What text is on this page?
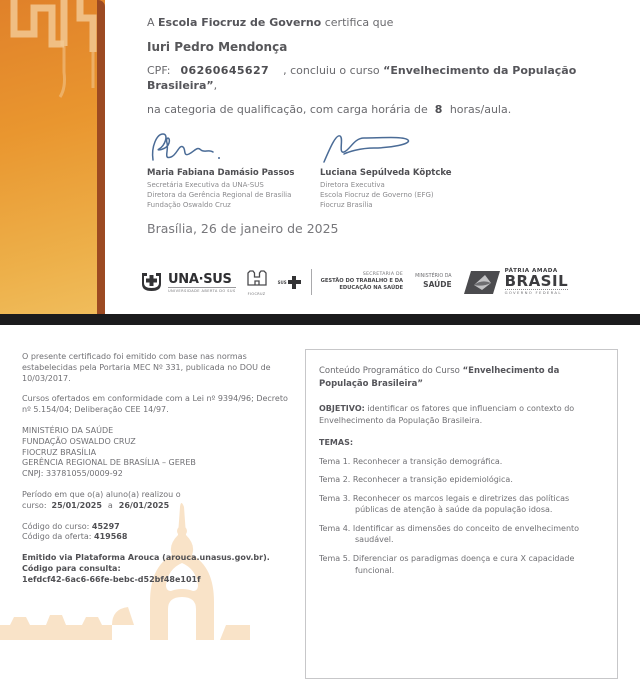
A Escola Fiocruz de Governo certifica que
Iuri Pedro Mendonça
CPF: 06260645627 , concluiu o curso “Envelhecimento da População Brasileira”,
na categoria de qualificação, com carga horária de 8 horas/aula.
Maria Fabiana Damásio Passos
Secretária Executiva da UNA-SUS
Diretora da Gerência Regional de Brasília
Fundação Oswaldo Cruz
Luciana Sepúlveda Köptcke
Diretora Executiva
Escola Fiocruz de Governo (EFG)
Fiocruz Brasília
Brasília, 26 de janeiro de 2025
UNA·SUS
UNIVERSIDADE ABERTA DO SUS
FIOCRUZ
SUS
SECRETARIA DE
GESTÃO DO TRABALHO E DA
EDUCAÇÃO NA SAÚDE
MINISTÉRIO DA
SAÚDE
PÁTRIA AMADA
BRASIL
GOVERNO FEDERAL

O presente certificado foi emitido com base nas normas estabelecidas pela Portaria MEC Nº 331, publicada no DOU de 10/03/2017.

Cursos ofertados em conformidade com a Lei nº 9394/96; Decreto nº 5.154/04; Deliberação CEE 14/97.

MINISTÉRIO DA SAÚDE
FUNDAÇÃO OSWALDO CRUZ
FIOCRUZ BRASÍLIA
GERÊNCIA REGIONAL DE BRASÍLIA – GEREB
CNPJ: 33781055/0009-92

Período em que o(a) aluno(a) realizou o curso: 25/01/2025 a 26/01/2025

Código do curso: 45297
Código da oferta: 419568
Emitido via Plataforma Arouca (arouca.unasus.gov.br). Código para consulta:
1efdcf42-6ac6-66fe-bebc-d52bf48e101f
Conteúdo Programático do Curso “Envelhecimento da População Brasileira”
OBJETIVO: identificar os fatores que influenciam o contexto do Envelhecimento da População Brasileira.
TEMAS:
Tema 1. Reconhecer a transição demográfica.
Tema 2. Reconhecer a transição epidemiológica.
Tema 3. Reconhecer os marcos legais e diretrizes das políticas públicas de atenção à saúde da população idosa.
Tema 4. Identificar as dimensões do conceito de envelhecimento saudável.
Tema 5. Diferenciar os paradigmas doença e cura X capacidade funcional.
